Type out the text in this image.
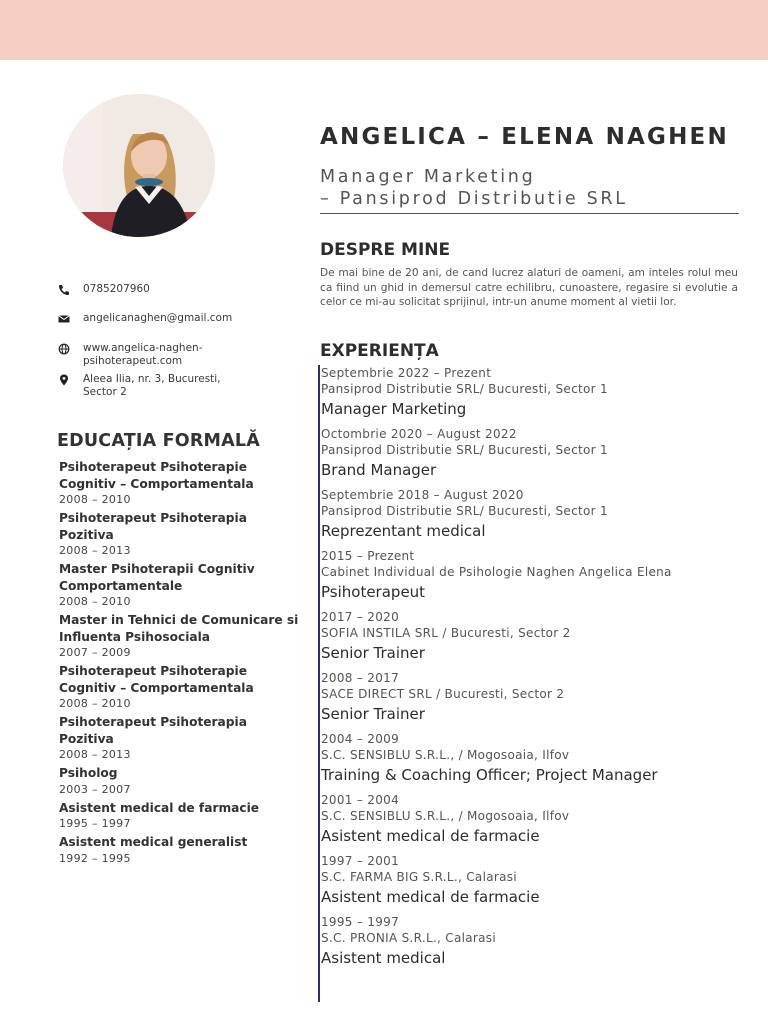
0785207960
angelicanaghen@gmail.com
www.angelica-naghen-
psihoterapeut.com
Aleea Ilia, nr. 3, Bucuresti,
Sector 2
EDUCAȚIA FORMALĂ
Psihoterapeut Psihoterapie Cognitiv – Comportamentala
2008 – 2010
Psihoterapeut Psihoterapia Pozitiva
2008 – 2013
Master Psihoterapii Cognitiv Comportamentale
2008 – 2010
Master in Tehnici de Comunicare si Influenta Psihosociala
2007 – 2009
Psihoterapeut Psihoterapie Cognitiv – Comportamentala
2008 – 2010
Psihoterapeut Psihoterapia Pozitiva
2008 – 2013
Psiholog
2003 – 2007
Asistent medical de farmacie
1995 – 1997
Asistent medical generalist
1992 – 1995
ANGELICA – ELENA NAGHEN
Manager Marketing
– Pansiprod Distributie SRL
DESPRE MINE
De mai bine de 20 ani, de cand lucrez alaturi de oameni, am inteles rolul meu ca fiind un ghid in demersul catre echilibru, cunoastere, regasire si evolutie a celor ce mi-au solicitat sprijinul, intr-un anume moment al vietii lor.
EXPERIENȚA
Septembrie 2022 – Prezent
Pansiprod Distributie SRL/ Bucuresti, Sector 1
Manager Marketing
Octombrie 2020 – August 2022
Pansiprod Distributie SRL/ Bucuresti, Sector 1
Brand Manager
Septembrie 2018 – August 2020
Pansiprod Distributie SRL/ Bucuresti, Sector 1
Reprezentant medical
2015 – Prezent
Cabinet Individual de Psihologie Naghen Angelica Elena
Psihoterapeut
2017 – 2020
SOFIA INSTILA SRL / Bucuresti, Sector 2
Senior Trainer
2008 – 2017
SACE DIRECT SRL / Bucuresti, Sector 2
Senior Trainer
2004 – 2009
S.C. SENSIBLU S.R.L., / Mogosoaia, Ilfov
Training & Coaching Officer; Project Manager
2001 – 2004
S.C. SENSIBLU S.R.L., / Mogosoaia, Ilfov
Asistent medical de farmacie
1997 – 2001
S.C. FARMA BIG S.R.L., Calarasi
Asistent medical de farmacie
1995 – 1997
S.C. PRONIA S.R.L., Calarasi
Asistent medical
